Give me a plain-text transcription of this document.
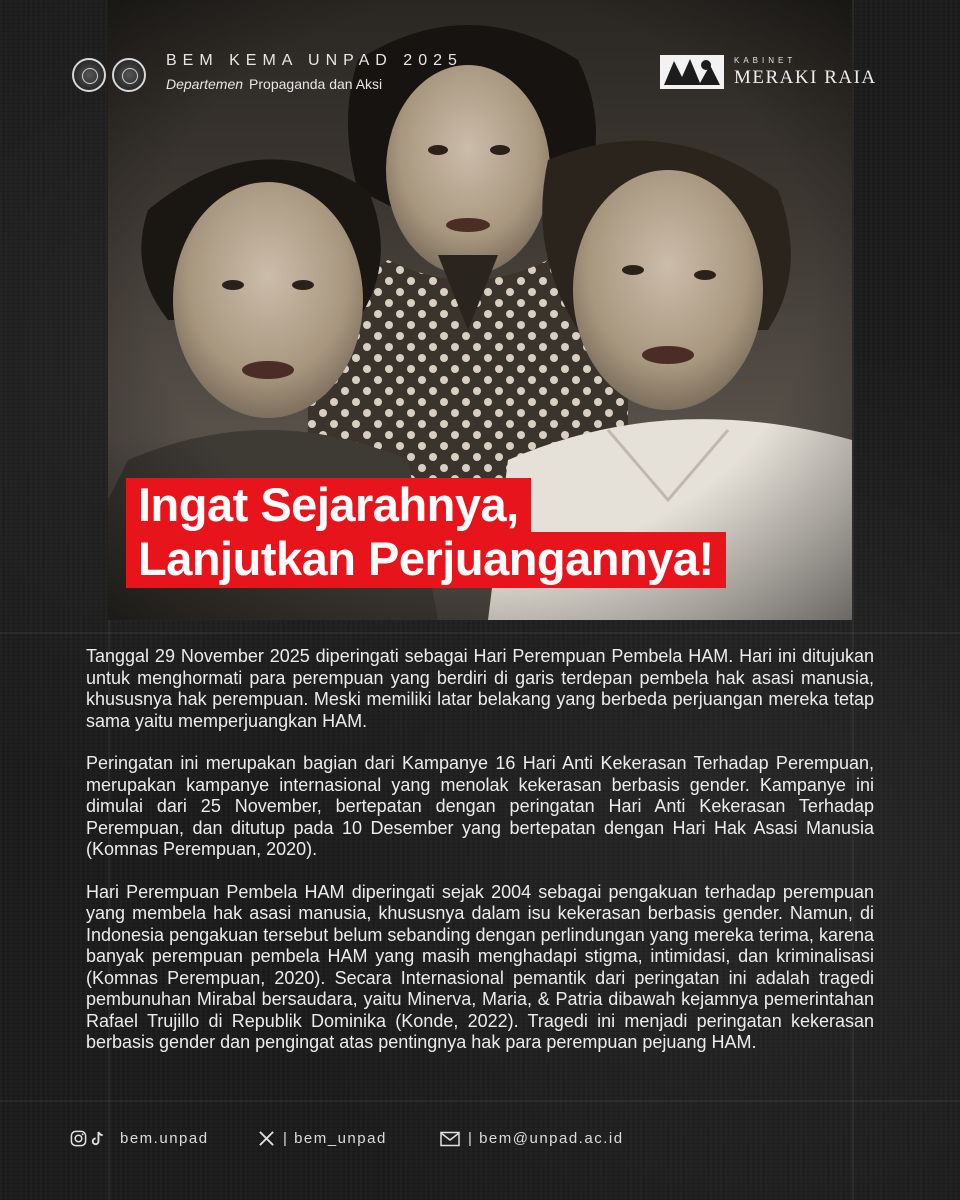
BEM KEMA UNPAD 2025
Departemen Propaganda dan Aksi
KABINET
MERAKI RAIA
Ingat Sejarahnya,
Lanjutkan Perjuangannya!

Tanggal 29 November 2025 diperingati sebagai Hari Perempuan Pembela HAM. Hari ini ditujukan untuk menghormati para perempuan yang berdiri di garis terdepan pembela hak asasi manusia, khususnya hak perempuan. Meski memiliki latar belakang yang berbeda perjuangan mereka tetap sama yaitu memperjuangkan HAM.

Peringatan ini merupakan bagian dari Kampanye 16 Hari Anti Kekerasan Terhadap Perempuan, merupakan kampanye internasional yang menolak kekerasan berbasis gender. Kampanye ini dimulai dari 25 November, bertepatan dengan peringatan Hari Anti Kekerasan Terhadap Perempuan, dan ditutup pada 10 Desember yang bertepatan dengan Hari Hak Asasi Manusia (Komnas Perempuan, 2020).

Hari Perempuan Pembela HAM diperingati sejak 2004 sebagai pengakuan terhadap perempuan yang membela hak asasi manusia, khususnya dalam isu kekerasan berbasis gender. Namun, di Indonesia pengakuan tersebut belum sebanding dengan perlindungan yang mereka terima, karena banyak perempuan pembela HAM yang masih menghadapi stigma, intimidasi, dan kriminalisasi (Komnas Perempuan, 2020). Secara Internasional pemantik dari peringatan ini adalah tragedi pembunuhan Mirabal bersaudara, yaitu Minerva, Maria, & Patria dibawah kejamnya pemerintahan Rafael Trujillo di Republik Dominika (Konde, 2022). Tragedi ini menjadi peringatan kekerasan berbasis gender dan pengingat atas pentingnya hak para perempuan pejuang HAM.

bem.unpad	| bem_unpad	| bem@unpad.ac.id
